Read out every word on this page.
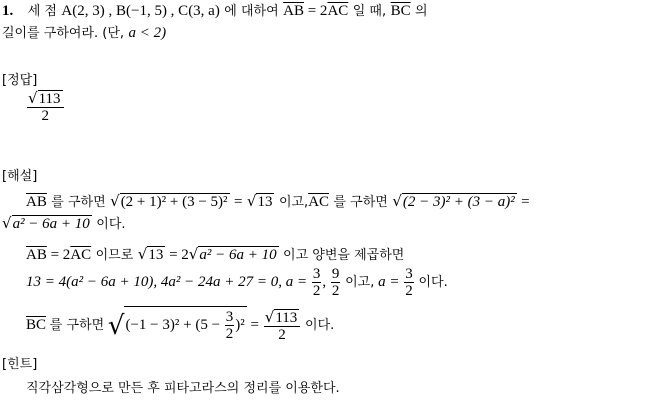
1. 세 점 A(2, 3) , B(−1, 5) , C(3, a) 에 대하여 $\overline{AB} = 2\overline{AC}$ 일 때, $\overline{BC}$ 의
길이를 구하여라. (단, a < 2)
[정답]
$\frac{√113}{2}$
[해설]
$\overline{AB}$ 를 구하면 √(2 + 1)² + (3 − 5)² = √13 이고$,\overline{AC}$ 를 구하면 √(2 − 3)² + (3 − a)² =
√a² − 6a + 10 이다.
$\overline{AB} = 2\overline{AC}$ 이므로 √13 = 2√a² − 6a + 10 이고 양변을 제곱하면
13 = 4(a² − 6a + 10), 4a² − 24a + 27 = 0, $a = \frac{3}{2}$ , $\frac{9}{2}$ 이고, $a = \frac{3}{2}$ 이다.
$\overline{BC}$ 를 구하면 $√(-1 - 3)^2 + (5 - \frac{3}{2} )^2 = \frac{√113}{2}$ 이다.
[힌트]
직각삼각형으로 만든 후 피타고라스의 정리를 이용한다.
